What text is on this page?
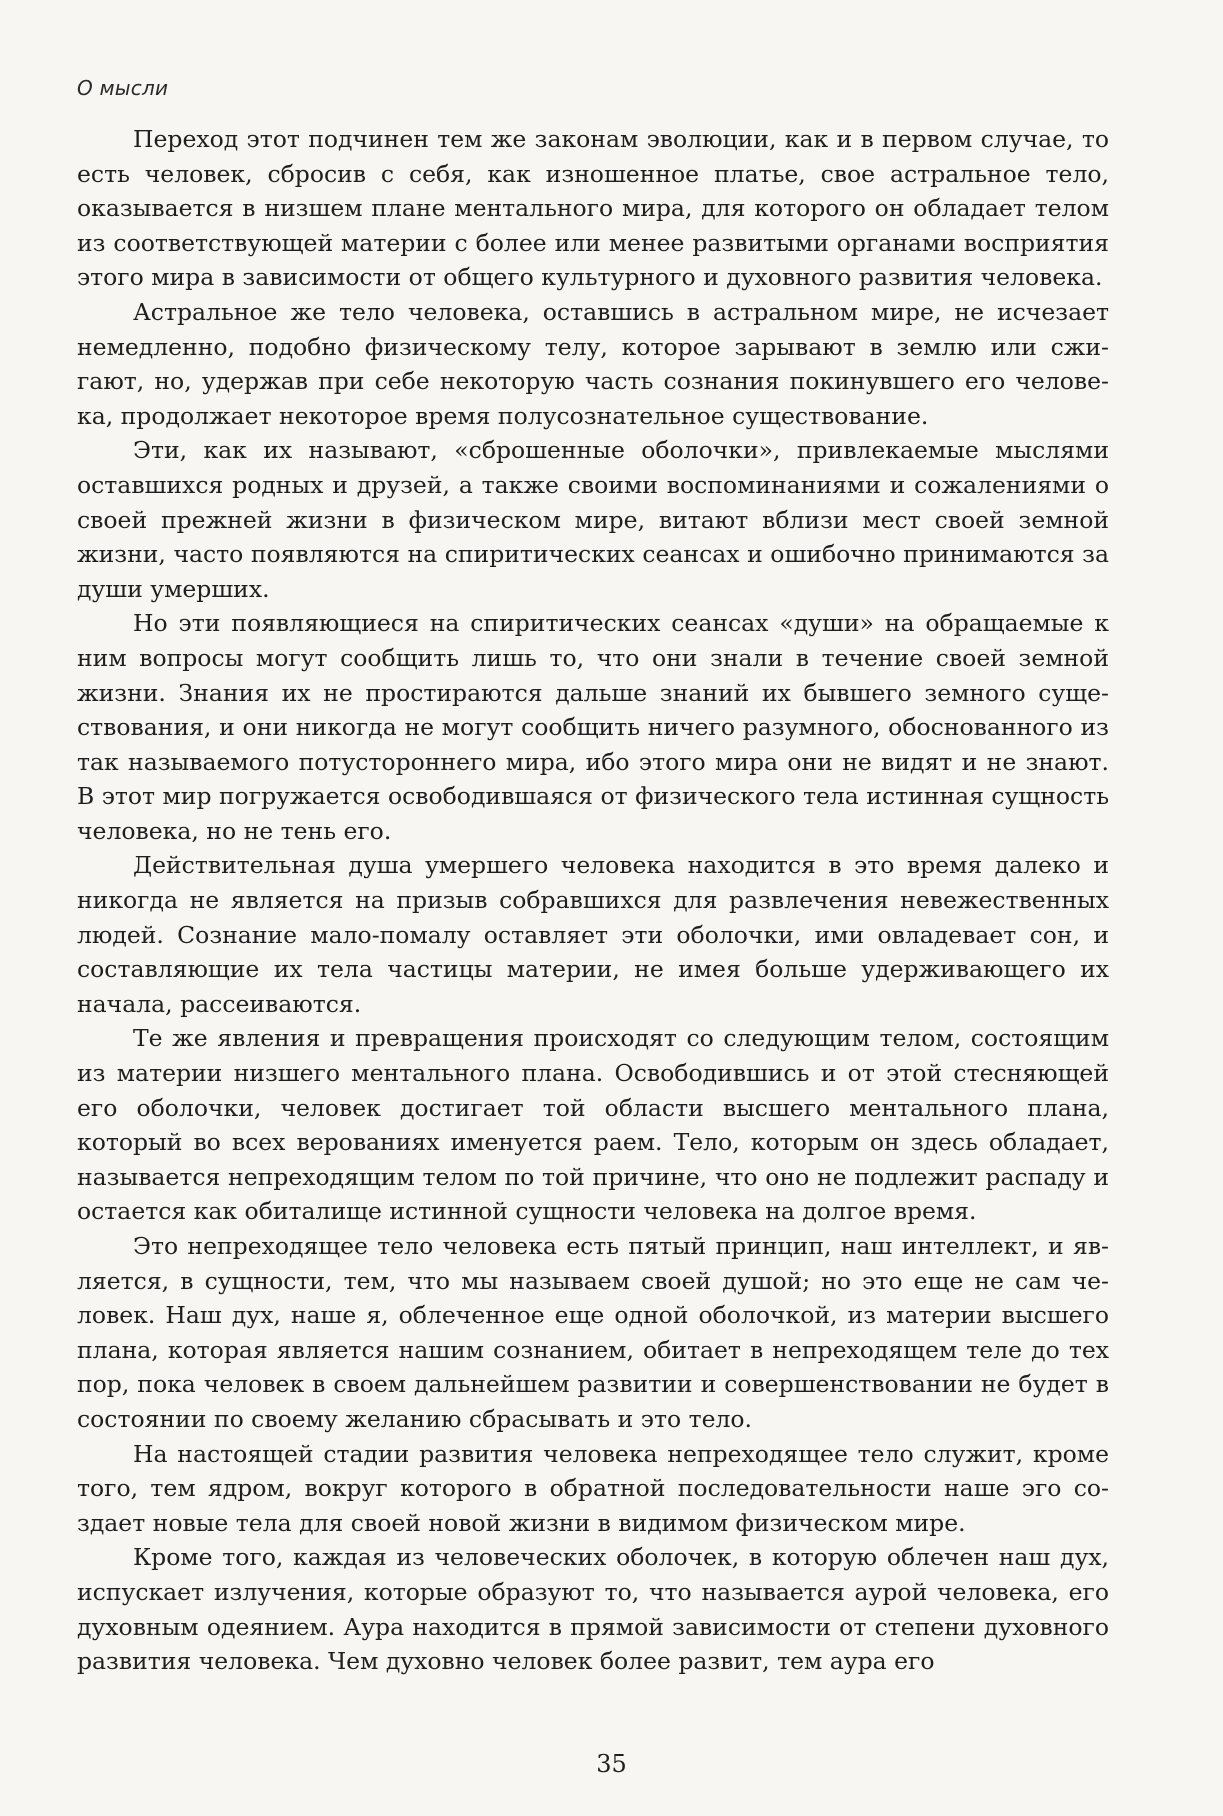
О мысли

Переход этот подчинен тем же законам эволюции, как и в первом случае, то есть человек, сбросив с себя, как изношенное платье, свое астральное тело, оказывается в низшем плане ментального мира, для которого он обладает телом из соответствующей материи с более или менее развитыми органами восприятия этого мира в зависимости от общего культурного и духовного развития человека.

Астральное же тело человека, оставшись в астральном мире, не исчезает немедленно, подобно физическому телу, которое зарывают в землю или сжигают, но, удержав при себе некоторую часть сознания покинувшего его человека, продолжает некоторое время полусознательное существование.

Эти, как их называют, «сброшенные оболочки», привлекаемые мыслями оставшихся родных и друзей, а также своими воспоминаниями и сожалениями о своей прежней жизни в физическом мире, витают вблизи мест своей земной жизни, часто появляются на спиритических сеансах и ошибочно принимаются за души умерших.

Но эти появляющиеся на спиритических сеансах «души» на обращаемые к ним вопросы могут сообщить лишь то, что они знали в течение своей земной жизни. Знания их не простираются дальше знаний их бывшего земного существования, и они никогда не могут сообщить ничего разумного, обоснованного из так называемого потустороннего мира, ибо этого мира они не видят и не знают. В этот мир погружается освободившаяся от физического тела истинная сущность человека, но не тень его.

Действительная душа умершего человека находится в это время далеко и никогда не является на призыв собравшихся для развлечения невежественных людей. Сознание мало-помалу оставляет эти оболочки, ими овладевает сон, и составляющие их тела частицы материи, не имея больше удерживающего их начала, рассеиваются.

Те же явления и превращения происходят со следующим телом, состоящим из материи низшего ментального плана. Освободившись и от этой стесняющей его оболочки, человек достигает той области высшего ментального плана, который во всех верованиях именуется раем. Тело, которым он здесь обладает, называется непреходящим телом по той причине, что оно не подлежит распаду и остается как обиталище истинной сущности человека на долгое время.

Это непреходящее тело человека есть пятый принцип, наш интеллект, и является, в сущности, тем, что мы называем своей душой; но это еще не сам человек. Наш дух, наше я, облеченное еще одной оболочкой, из материи высшего плана, которая является нашим сознанием, обитает в непреходящем теле до тех пор, пока человек в своем дальнейшем развитии и совершенствовании не будет в состоянии по своему желанию сбрасывать и это тело.

На настоящей стадии развития человека непреходящее тело служит, кроме того, тем ядром, вокруг которого в обратной последовательности наше эго создает новые тела для своей новой жизни в видимом физическом мире.

Кроме того, каждая из человеческих оболочек, в которую облечен наш дух, испускает излучения, которые образуют то, что называется аурой человека, его духовным одеянием. Аура находится в прямой зависимости от степени духовного развития человека. Чем духовно человек более развит, тем аура его

35
